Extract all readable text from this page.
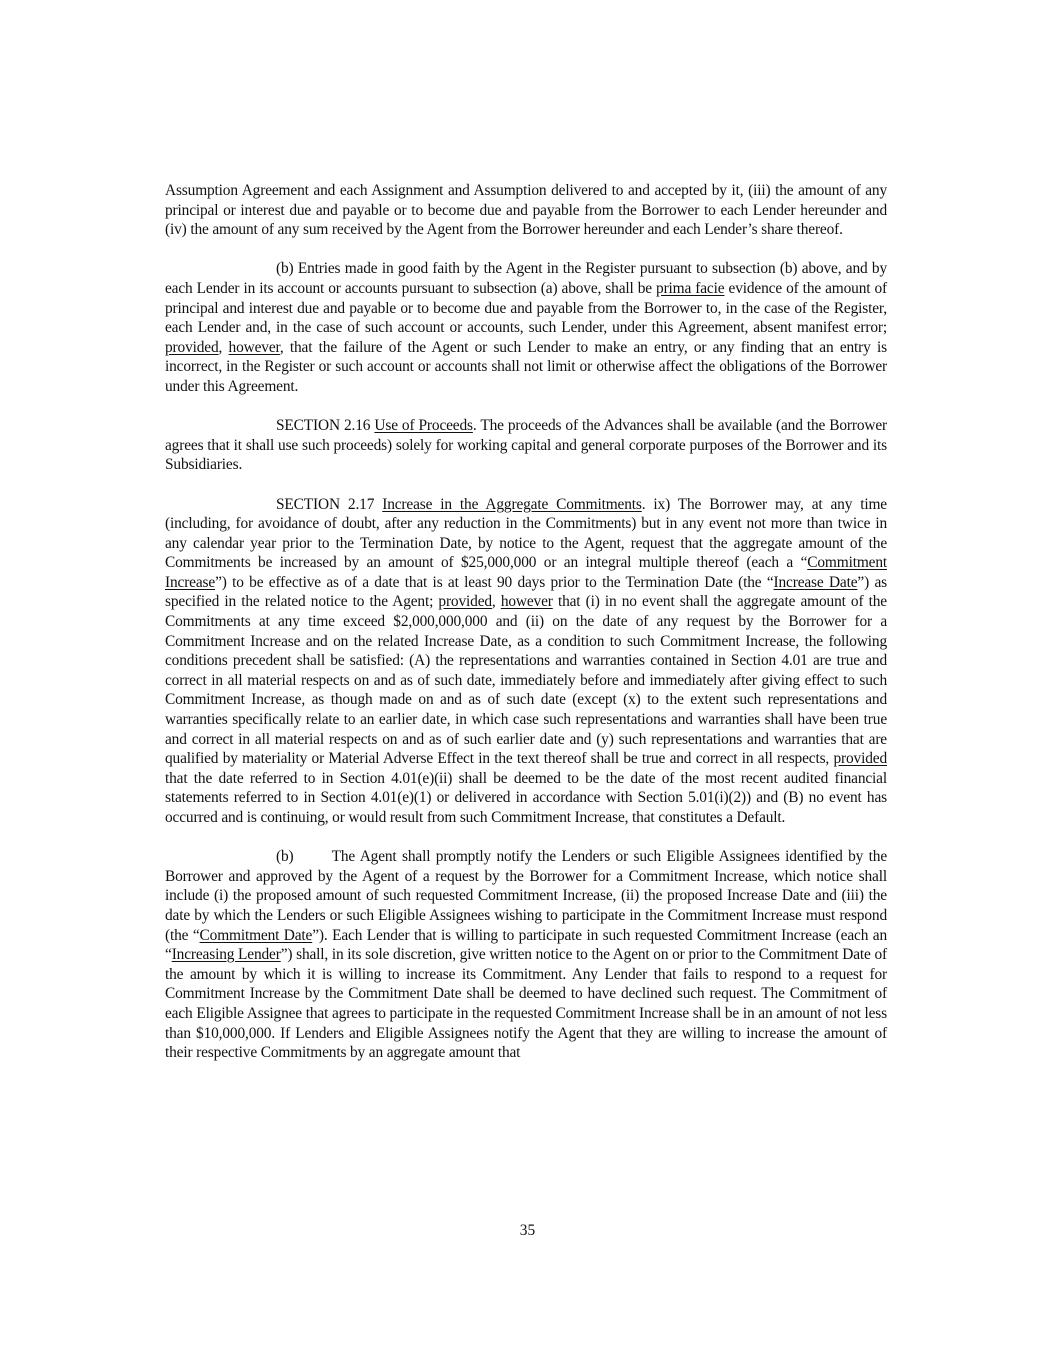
Assumption Agreement and each Assignment and Assumption delivered to and accepted by it, (iii) the amount of any principal or interest due and payable or to become due and payable from the Borrower to each Lender hereunder and (iv) the amount of any sum received by the Agent from the Borrower hereunder and each Lender’s share thereof.

(b) Entries made in good faith by the Agent in the Register pursuant to subsection (b) above, and by each Lender in its account or accounts pursuant to subsection (a) above, shall be prima facie evidence of the amount of principal and interest due and payable or to become due and payable from the Borrower to, in the case of the Register, each Lender and, in the case of such account or accounts, such Lender, under this Agreement, absent manifest error; provided, however, that the failure of the Agent or such Lender to make an entry, or any finding that an entry is incorrect, in the Register or such account or accounts shall not limit or otherwise affect the obligations of the Borrower under this Agreement.

SECTION 2.16 Use of Proceeds. The proceeds of the Advances shall be available (and the Borrower agrees that it shall use such proceeds) solely for working capital and general corporate purposes of the Borrower and its Subsidiaries.

SECTION 2.17 Increase in the Aggregate Commitments. ix) The Borrower may, at any time (including, for avoidance of doubt, after any reduction in the Commitments) but in any event not more than twice in any calendar year prior to the Termination Date, by notice to the Agent, request that the aggregate amount of the Commitments be increased by an amount of $25,000,000 or an integral multiple thereof (each a “Commitment Increase”) to be effective as of a date that is at least 90 days prior to the Termination Date (the “Increase Date”) as specified in the related notice to the Agent; provided, however that (i) in no event shall the aggregate amount of the Commitments at any time exceed $2,000,000,000 and (ii) on the date of any request by the Borrower for a Commitment Increase and on the related Increase Date, as a condition to such Commitment Increase, the following conditions precedent shall be satisfied: (A) the representations and warranties contained in Section 4.01 are true and correct in all material respects on and as of such date, immediately before and immediately after giving effect to such Commitment Increase, as though made on and as of such date (except (x) to the extent such representations and warranties specifically relate to an earlier date, in which case such representations and warranties shall have been true and correct in all material respects on and as of such earlier date and (y) such representations and warranties that are qualified by materiality or Material Adverse Effect in the text thereof shall be true and correct in all respects, provided that the date referred to in Section 4.01(e)(ii) shall be deemed to be the date of the most recent audited financial statements referred to in Section 4.01(e)(1) or delivered in accordance with Section 5.01(i)(2)) and (B) no event has occurred and is continuing, or would result from such Commitment Increase, that constitutes a Default.

(b)       The Agent shall promptly notify the Lenders or such Eligible Assignees identified by the Borrower and approved by the Agent of a request by the Borrower for a Commitment Increase, which notice shall include (i) the proposed amount of such requested Commitment Increase, (ii) the proposed Increase Date and (iii) the date by which the Lenders or such Eligible Assignees wishing to participate in the Commitment Increase must respond (the “Commitment Date”). Each Lender that is willing to participate in such requested Commitment Increase (each an “Increasing Lender”) shall, in its sole discretion, give written notice to the Agent on or prior to the Commitment Date of the amount by which it is willing to increase its Commitment. Any Lender that fails to respond to a request for Commitment Increase by the Commitment Date shall be deemed to have declined such request. The Commitment of each Eligible Assignee that agrees to participate in the requested Commitment Increase shall be in an amount of not less than $10,000,000. If Lenders and Eligible Assignees notify the Agent that they are willing to increase the amount of their respective Commitments by an aggregate amount that

35
